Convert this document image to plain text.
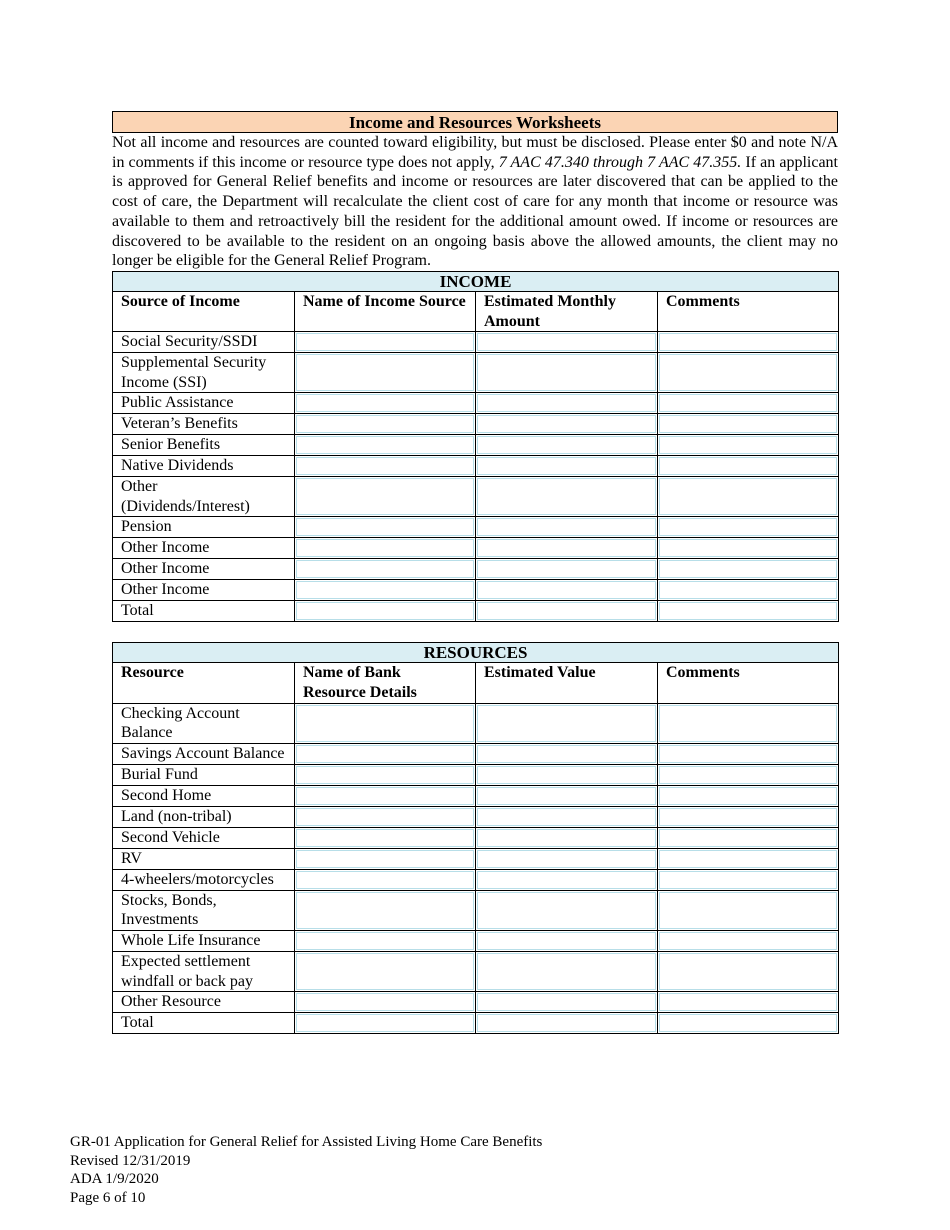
Income and Resources Worksheets

Not all income and resources are counted toward eligibility, but must be disclosed. Please enter $0 and note N/A in comments if this income or resource type does not apply, 7 AAC 47.340 through 7 AAC 47.355. If an applicant is approved for General Relief benefits and income or resources are later discovered that can be applied to the cost of care, the Department will recalculate the client cost of care for any month that income or resource was available to them and retroactively bill the resident for the additional amount owed. If income or resources are discovered to be available to the resident on an ongoing basis above the allowed amounts, the client may no longer be eligible for the General Relief Program.

INCOME			
Source of Income	Name of Income Source	Estimated Monthly Amount	Comments
Social Security/SSDI	

Supplemental Security Income (SSI)	

Public Assistance	

Veteran’s Benefits	

Senior Benefits	

Native Dividends	

Other (Dividends/Interest)	

Pension	

Other Income	

Other Income	

Other Income	

Total	

RESOURCES			
Resource	Name of Bank Resource Details	Estimated Value	Comments
Checking Account Balance	

Savings Account Balance	

Burial Fund	

Second Home	

Land (non-tribal)	

Second Vehicle	

RV	

4-wheelers/motorcycles	

Stocks, Bonds, Investments	

Whole Life Insurance	

Expected settlement windfall or back pay	

Other Resource	

Total	

GR-01 Application for General Relief for Assisted Living Home Care Benefits
Revised 12/31/2019
ADA 1/9/2020
Page 6 of 10
